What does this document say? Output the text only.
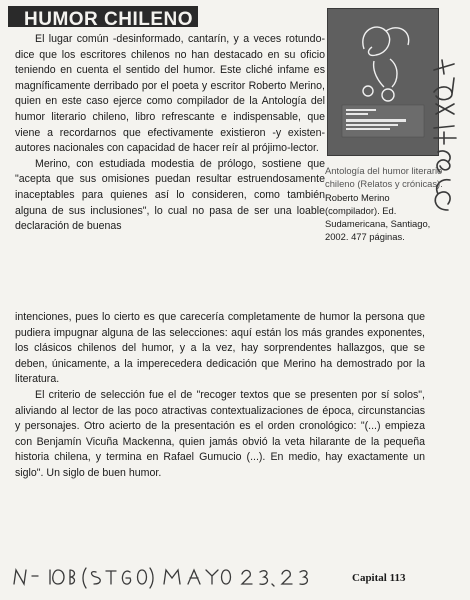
HUMOR CHILENO
Antología del humor literario chileno (Relatos y crónicas).
Roberto Merino (compilador). Ed. Sudamericana, Santiago, 2002. 477 páginas.

El lugar común -desinformado, cantarín, y a veces rotundo- dice que los escritores chilenos no han destacado en su oficio teniendo en cuenta el sentido del humor. Este cliché infame es magníficamente derribado por el poeta y escritor Roberto Merino, quien en este caso ejerce como compilador de la Antología del humor literario chileno, libro refrescante e indispensable, que viene a recordarnos que efectivamente existieron -y existen- autores nacionales con capacidad de hacer reír al prójimo-lector.

Merino, con estudiada modestia de prólogo, sostiene que "acepta que sus omisiones puedan resultar estruendosamente inaceptables para quienes así lo consideren, como también alguna de sus inclusiones", lo cual no pasa de ser una loable declaración de buenas

intenciones, pues lo cierto es que carecería completamente de humor la persona que pudiera impugnar alguna de las selecciones: aquí están los más grandes exponentes, los clásicos chilenos del humor, y a la vez, hay sorprendentes hallazgos, que se deben, únicamente, a la imperecedera dedicación que Merino ha demostrado por la literatura.

El criterio de selección fue el de "recoger textos que se presenten por sí solos", aliviando al lector de las poco atractivas contextualizaciones de época, circunstancias y personajes. Otro acierto de la presentación es el orden cronológico: "(...) empieza con Benjamín Vicuña Mackenna, quien jamás obvió la veta hilarante de la pequeña historia chilena, y termina en Rafael Gumucio (...). En medio, hay exactamente un siglo". Un siglo de buen humor.

Capital 113
